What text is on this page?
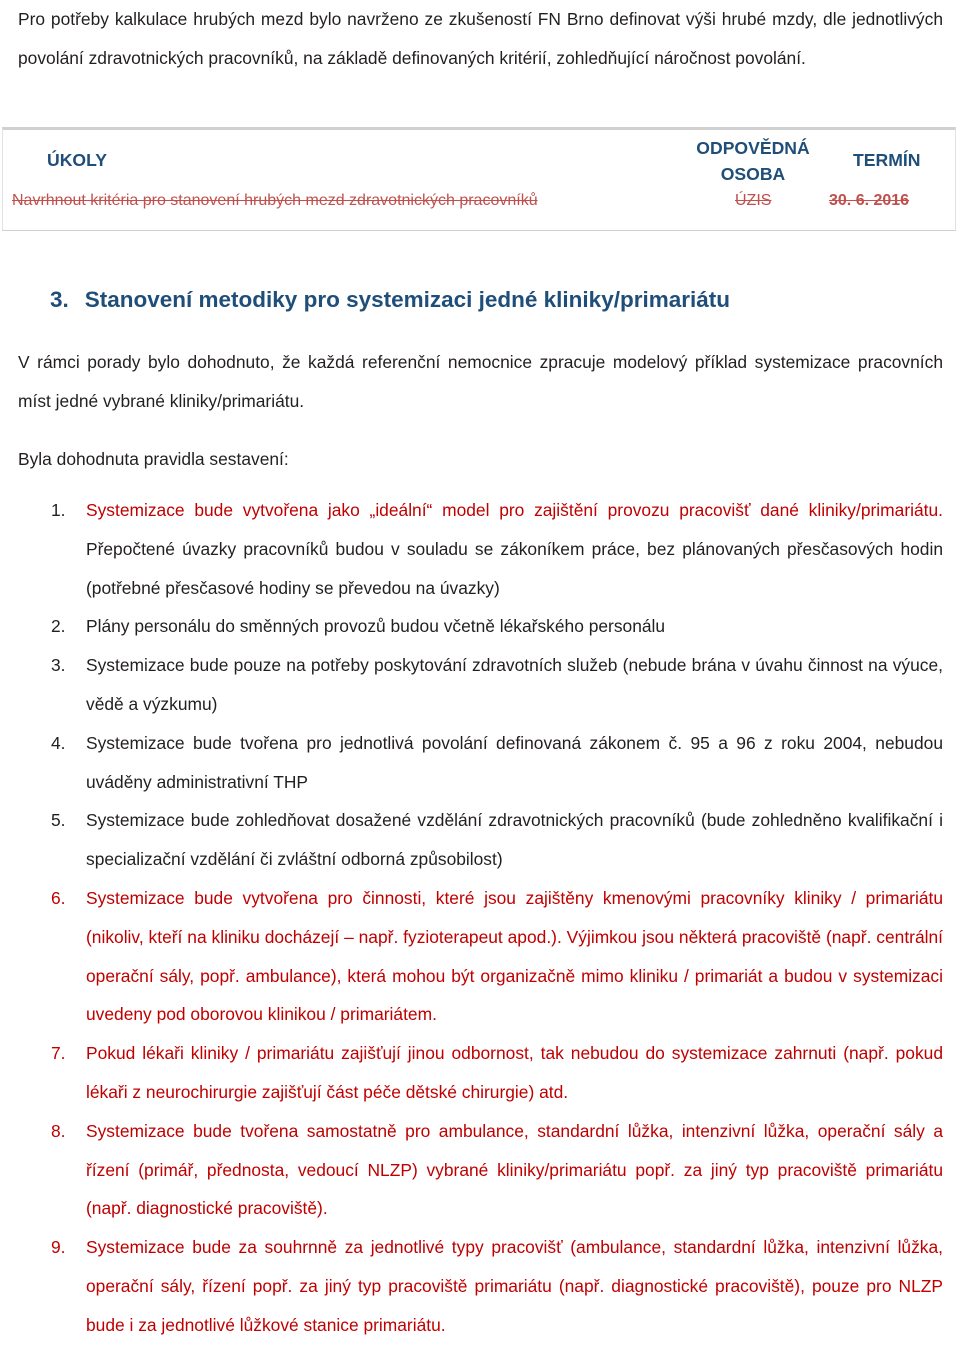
Pro potřeby kalkulace hrubých mezd bylo navrženo ze zkušeností FN Brno definovat výši hrubé mzdy, dle jednotlivých povolání zdravotnických pracovníků, na základě definovaných kritérií, zohledňující náročnost povolání.

ÚKOLY
ODPOVĚDNÁ OSOBA
TERMÍN
Navrhnout kritéria pro stanovení hrubých mezd zdravotnických pracovníků	ÚZIS	30. 6. 2016
3. Stanovení metodiky pro systemizaci jedné kliniky/primariátu

V rámci porady bylo dohodnuto, že každá referenční nemocnice zpracuje modelový příklad systemizace pracovních míst jedné vybrané kliniky/primariátu.

Byla dohodnuta pravidla sestavení:

1. Systemizace bude vytvořena jako „ideální“ model pro zajištění provozu pracovišť dané kliniky/primariátu. Přepočtené úvazky pracovníků budou v souladu se zákoníkem práce, bez plánovaných přesčasových hodin (potřebné přesčasové hodiny se převedou na úvazky)
2. Plány personálu do směnných provozů budou včetně lékařského personálu
3. Systemizace bude pouze na potřeby poskytování zdravotních služeb (nebude brána v úvahu činnost na výuce, vědě a výzkumu)
4. Systemizace bude tvořena pro jednotlivá povolání definovaná zákonem č. 95 a 96 z roku 2004, nebudou uváděny administrativní THP
5. Systemizace bude zohledňovat dosažené vzdělání zdravotnických pracovníků (bude zohledněno kvalifikační i specializační vzdělání či zvláštní odborná způsobilost)
6. Systemizace bude vytvořena pro činnosti, které jsou zajištěny kmenovými pracovníky kliniky / primariátu (nikoliv, kteří na kliniku docházejí – např. fyzioterapeut apod.). Výjimkou jsou některá pracoviště (např. centrální operační sály, popř. ambulance), která mohou být organizačně mimo kliniku / primariát a budou v systemizaci uvedeny pod oborovou klinikou / primariátem.
7. Pokud lékaři kliniky / primariátu zajišťují jinou odbornost, tak nebudou do systemizace zahrnuti (např. pokud lékaři z neurochirurgie zajišťují část péče dětské chirurgie) atd.
8. Systemizace bude tvořena samostatně pro ambulance, standardní lůžka, intenzivní lůžka, operační sály a řízení (primář, přednosta, vedoucí NLZP) vybrané kliniky/primariátu popř. za jiný typ pracoviště primariátu (např. diagnostické pracoviště).
9. Systemizace bude za souhrnně za jednotlivé typy pracovišť (ambulance, standardní lůžka, intenzivní lůžka, operační sály, řízení popř. za jiný typ pracoviště primariátu (např. diagnostické pracoviště), pouze pro NLZP bude i za jednotlivé lůžkové stanice primariátu.
